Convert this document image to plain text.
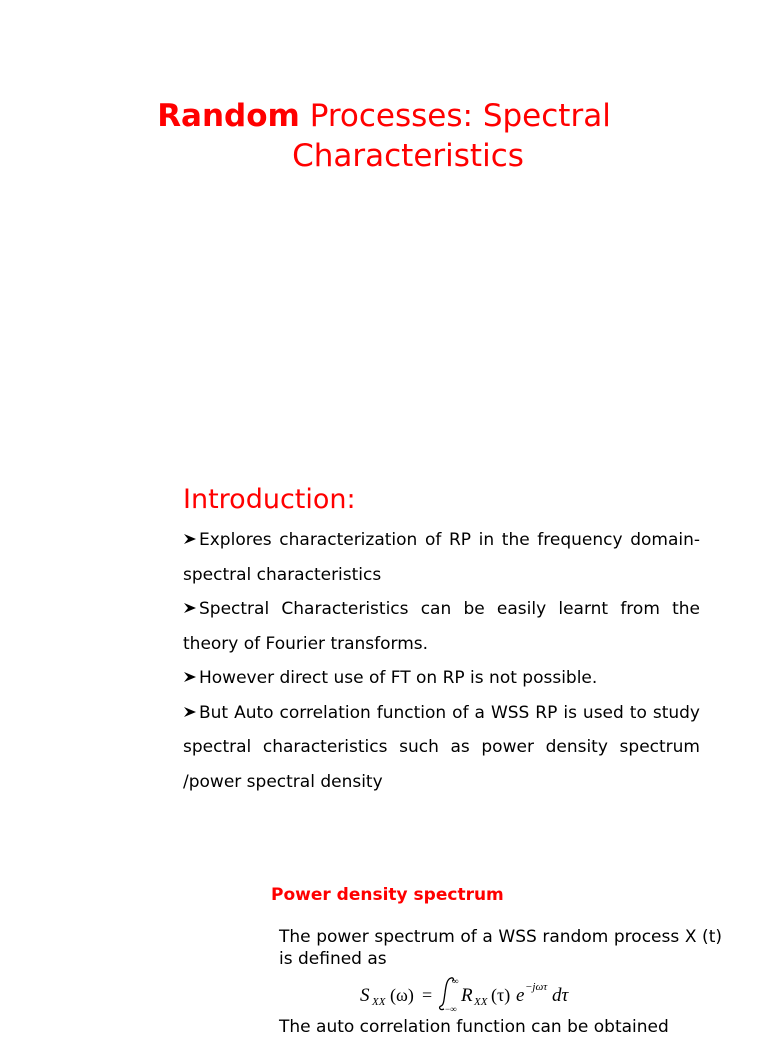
Random Processes: Spectral
Characteristics
Introduction:

Explores characterization of RP in the frequency domain-spectral characteristics

Spectral Characteristics can be easily learnt from the theory of Fourier transforms.

However direct use of FT on RP is not possible.

But Auto correlation function of a WSS RP is used to study spectral characteristics such as power density spectrum /power spectral density

Power density spectrum
The power spectrum of a WSS random process X (t) is defined as
S XX (ω) =
∞
−∞
R XX (τ) e −jωτ dτ
The auto correlation function can be obtained
